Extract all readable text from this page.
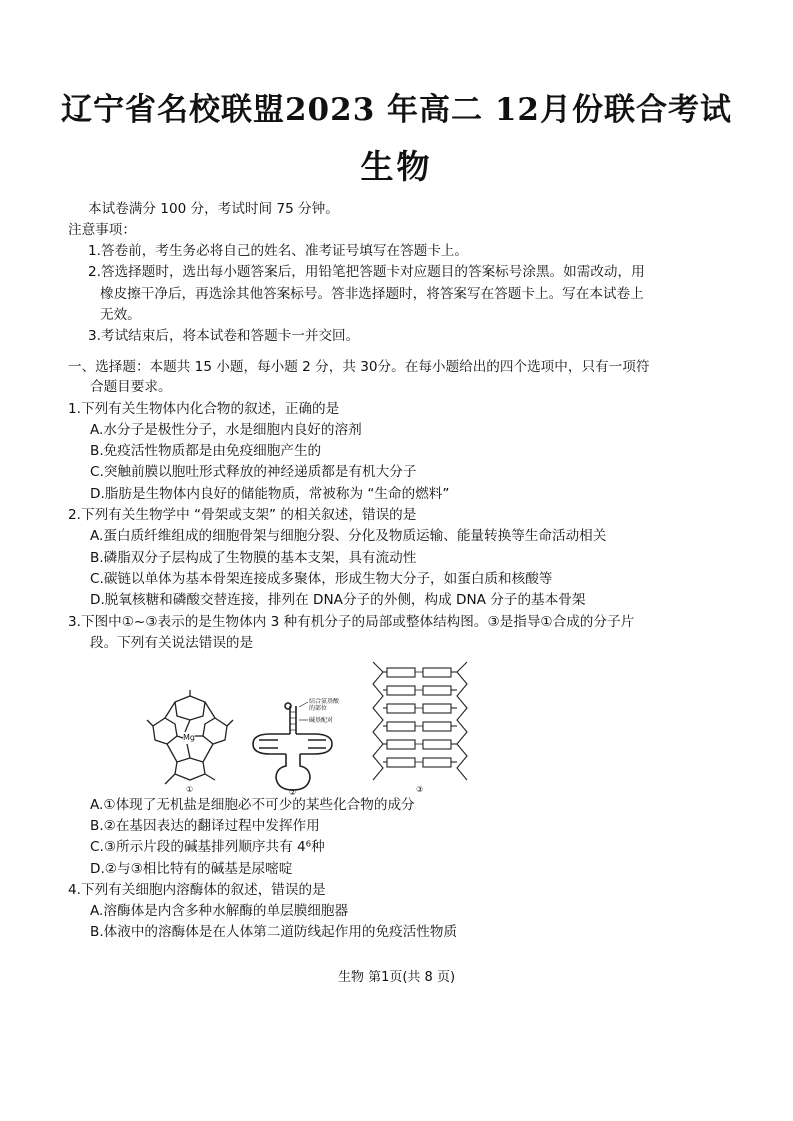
辽宁省名校联盟2023 年高二 12月份联合考试
生物
本试卷满分 100 分，考试时间 75 分钟。
注意事项：
1.答卷前，考生务必将自己的姓名、准考证号填写在答题卡上。
2.答选择题时，选出每小题答案后，用铅笔把答题卡对应题目的答案标号涂黑。如需改动，用
橡皮擦干净后，再选涂其他答案标号。答非选择题时，将答案写在答题卡上。写在本试卷上
无效。
3.考试结束后，将本试卷和答题卡一并交回。
一、选择题：本题共 15 小题，每小题 2 分，共 30分。在每小题给出的四个选项中，只有一项符
合题目要求。
1.下列有关生物体内化合物的叙述，正确的是
A.水分子是极性分子，水是细胞内良好的溶剂
B.免疫活性物质都是由免疫细胞产生的
C.突触前膜以胞吐形式释放的神经递质都是有机大分子
D.脂肪是生物体内良好的储能物质，常被称为 “生命的燃料”
2.下列有关生物学中 “骨架或支架” 的相关叙述，错误的是
A.蛋白质纤维组成的细胞骨架与细胞分裂、分化及物质运输、能量转换等生命活动相关
B.磷脂双分子层构成了生物膜的基本支架，具有流动性
C.碳链以单体为基本骨架连接成多聚体，形成生物大分子，如蛋白质和核酸等
D.脱氧核糖和磷酸交替连接，排列在 DNA分子的外侧，构成 DNA 分子的基本骨架
3.下图中①~③表示的是生物体内 3 种有机分子的局部或整体结构图。③是指导①合成的分子片
段。下列有关说法错误的是
Mg
①
结合氨基酸
的部位
碱基配对
②	③
A.①体现了无机盐是细胞必不可少的某些化合物的成分
B.②在基因表达的翻译过程中发挥作用
C.③所示片段的碱基排列顺序共有 4⁶种
D.②与③相比特有的碱基是尿嘧啶
4.下列有关细胞内溶酶体的叙述，错误的是
A.溶酶体是内含多种水解酶的单层膜细胞器
B.体液中的溶酶体是在人体第二道防线起作用的免疫活性物质
生物 第1页(共 8 页)
